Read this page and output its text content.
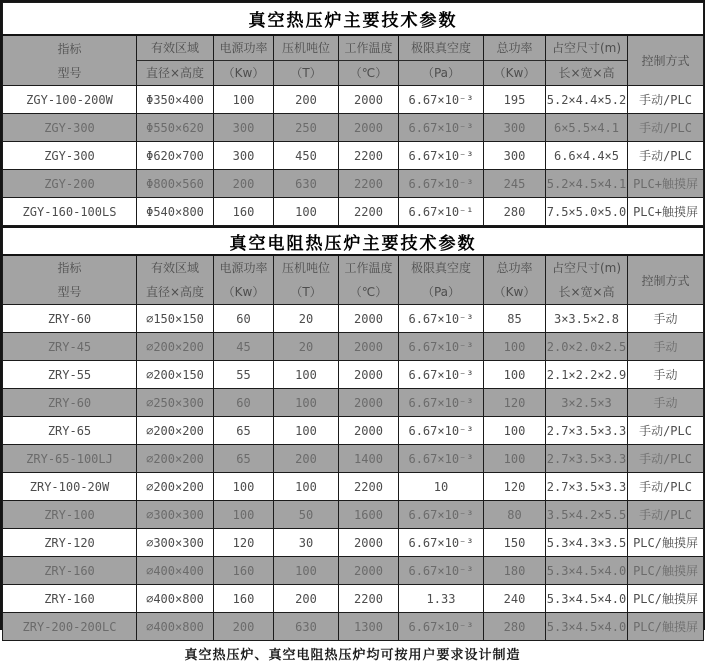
真空热压炉主要技术参数								

指标
型号

有效区域
直径×高度

电源功率
（Kw）

压机吨位
（T）

工作温度
（℃）

极限真空度
（Pa）

总功率
（Kw）

占空尺寸(m)
长×宽×高
	控制方式
ZGY-100-200W	Φ350×400	100	200	2000	6.67×10⁻³	195	5.2×4.4×5.2	手动/PLC
ZGY-300	Φ550×620	300	250	2000	6.67×10⁻³	300	6×5.5×4.1	手动/PLC
ZGY-300	Φ620×700	300	450	2200	6.67×10⁻³	300	6.6×4.4×5	手动/PLC
ZGY-200	Φ800×560	200	630	2200	6.67×10⁻³	245	5.2×4.5×4.1	PLC+触摸屏
ZGY-160-100LS	Φ540×800	160	100	2200	6.67×10⁻¹	280	7.5×5.0×5.0	PLC+触摸屏
真空电阻热压炉主要技术参数								

指标
型号

有效区域
直径×高度

电源功率
（Kw）

压机吨位
（T）

工作温度
（℃）

极限真空度
（Pa）

总功率
（Kw）

占空尺寸(m)
长×宽×高
	控制方式
ZRY-60	⌀150×150	60	20	2000	6.67×10⁻³	85	3×3.5×2.8	手动
ZRY-45	⌀200×200	45	20	2000	6.67×10⁻³	100	2.0×2.0×2.5	手动
ZRY-55	⌀200×150	55	100	2000	6.67×10⁻³	100	2.1×2.2×2.9	手动
ZRY-60	⌀250×300	60	100	2000	6.67×10⁻³	120	3×2.5×3	手动
ZRY-65	⌀200×200	65	100	2000	6.67×10⁻³	100	2.7×3.5×3.3	手动/PLC
ZRY-65-100LJ	⌀200×200	65	200	1400	6.67×10⁻³	100	2.7×3.5×3.3	手动/PLC
ZRY-100-20W	⌀200×200	100	100	2200	10	120	2.7×3.5×3.3	手动/PLC
ZRY-100	⌀300×300	100	50	1600	6.67×10⁻³	80	3.5×4.2×5.5	手动/PLC
ZRY-120	⌀300×300	120	30	2000	6.67×10⁻³	150	5.3×4.3×3.5	PLC/触摸屏
ZRY-160	⌀400×400	160	100	2000	6.67×10⁻³	180	5.3×4.5×4.0	PLC/触摸屏
ZRY-160	⌀400×800	160	200	2200	1.33	240	5.3×4.5×4.0	PLC/触摸屏
ZRY-200-200LC	⌀400×800	200	630	1300	6.67×10⁻³	280	5.3×4.5×4.0	PLC/触摸屏
真空热压炉、真空电阻热压炉均可按用户要求设计制造
